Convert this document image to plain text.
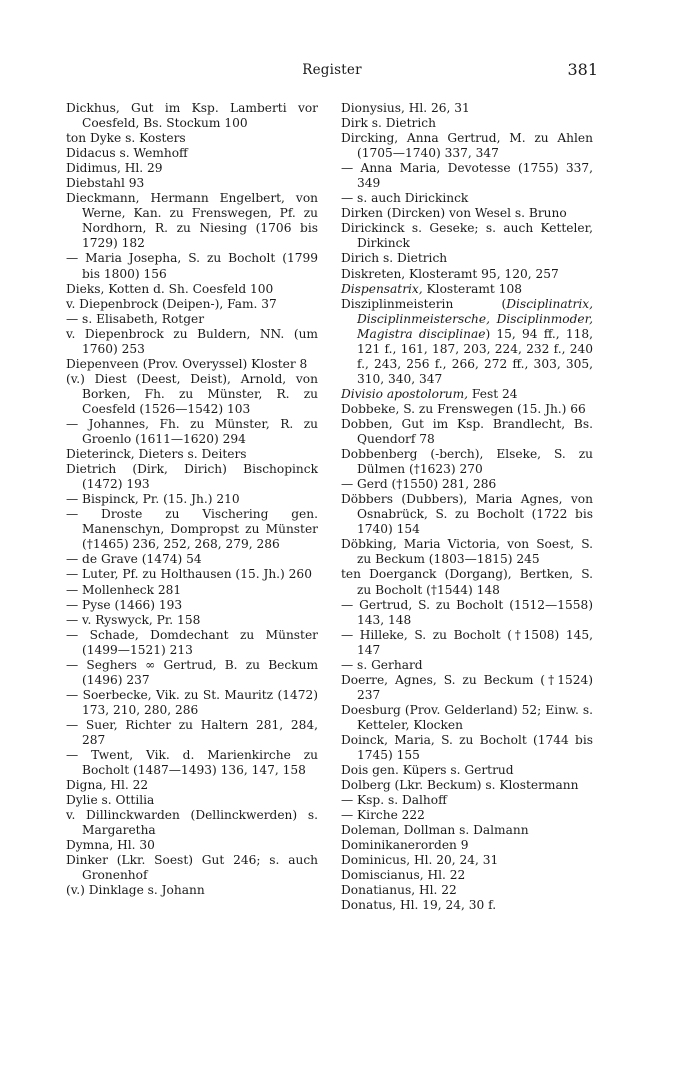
Register	381

Dickhus, Gut im Ksp. Lamberti vor Coesfeld, Bs. Stockum 100

ton Dyke s. Kosters

Didacus s. Wemhoff

Didimus, Hl. 29

Diebstahl 93

Dieckmann, Hermann Engelbert, von Werne, Kan. zu Frenswegen, Pf. zu Nordhorn, R. zu Niesing (1706 bis 1729) 182

— Maria Josepha, S. zu Bocholt (1799 bis 1800) 156

Dieks, Kotten d. Sh. Coesfeld 100

v. Diepenbrock (Deipen-), Fam. 37

— s. Elisabeth, Rotger

v. Diepenbrock zu Buldern, NN. (um 1760) 253

Diepenveen (Prov. Overyssel) Kloster 8

(v.) Diest (Deest, Deist), Arnold, von Borken, Fh. zu Münster, R. zu Coesfeld (1526—1542) 103

— Johannes, Fh. zu Münster, R. zu Groenlo (1611—1620) 294

Dieterinck, Dieters s. Deiters

Dietrich (Dirk, Dirich) Bischopinck (1472) 193

— Bispinck, Pr. (15. Jh.) 210

— Droste zu Vischering gen. Manenschyn, Dompropst zu Münster (†1465) 236, 252, 268, 279, 286

— de Grave (1474) 54

— Luter, Pf. zu Holthausen (15. Jh.) 260

— Mollenheck 281

— Pyse (1466) 193

— v. Ryswyck, Pr. 158

— Schade, Domdechant zu Münster (1499—1521) 213

— Seghers ∞ Gertrud, B. zu Beckum (1496) 237

— Soerbecke, Vik. zu St. Mauritz (1472) 173, 210, 280, 286

— Suer, Richter zu Haltern 281, 284, 287

— Twent, Vik. d. Marienkirche zu Bocholt (1487—1493) 136, 147, 158

Digna, Hl. 22

Dylie s. Ottilia

v. Dillinckwarden (Dellinckwerden) s. Margaretha

Dymna, Hl. 30

Dinker (Lkr. Soest) Gut 246; s. auch Gronenhof

(v.) Dinklage s. Johann

Dionysius, Hl. 26, 31

Dirk s. Dietrich

Dircking, Anna Gertrud, M. zu Ahlen (1705—1740) 337, 347

— Anna Maria, Devotesse (1755) 337, 349

— s. auch Dirickinck

Dirken (Dircken) von Wesel s. Bruno

Dirickinck s. Geseke; s. auch Ketteler, Dirkinck

Dirich s. Dietrich

Diskreten, Klosteramt 95, 120, 257

Dispensatrix, Klosteramt 108

Disziplinmeisterin (Disciplinatrix, Disciplinmeistersche, Disciplinmoder, Magistra disciplinae) 15, 94 ff., 118, 121 f., 161, 187, 203, 224, 232 f., 240 f., 243, 256 f., 266, 272 ff., 303, 305, 310, 340, 347

Divisio apostolorum, Fest 24

Dobbeke, S. zu Frenswegen (15. Jh.) 66

Dobben, Gut im Ksp. Brandlecht, Bs. Quendorf 78

Dobbenberg (-berch), Elseke, S. zu Dülmen (†1623) 270

— Gerd (†1550) 281, 286

Döbbers (Dubbers), Maria Agnes, von Osnabrück, S. zu Bocholt (1722 bis 1740) 154

Döbking, Maria Victoria, von Soest, S. zu Beckum (1803—1815) 245

ten Doerganck (Dorgang), Bertken, S. zu Bocholt (†1544) 148

— Gertrud, S. zu Bocholt (1512—1558) 143, 148

— Hilleke, S. zu Bocholt (†1508) 145, 147

— s. Gerhard

Doerre, Agnes, S. zu Beckum (†1524) 237

Doesburg (Prov. Gelderland) 52; Einw. s. Ketteler, Klocken

Doinck, Maria, S. zu Bocholt (1744 bis 1745) 155

Dois gen. Küpers s. Gertrud

Dolberg (Lkr. Beckum) s. Klostermann

— Ksp. s. Dalhoff

— Kirche 222

Doleman, Dollman s. Dalmann

Dominikanerorden 9

Dominicus, Hl. 20, 24, 31

Domiscianus, Hl. 22

Donatianus, Hl. 22

Donatus, Hl. 19, 24, 30 f.
